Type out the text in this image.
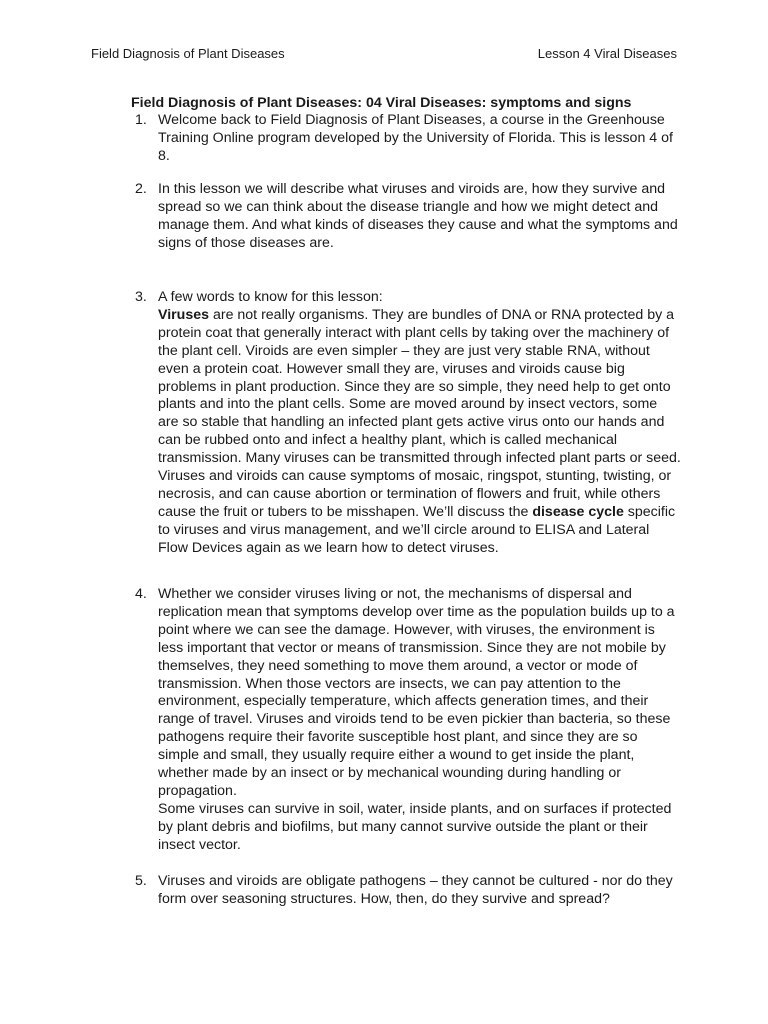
Field Diagnosis of Plant Diseases	Lesson 4 Viral Diseases
Field Diagnosis of Plant Diseases: 04 Viral Diseases: symptoms and signs
1. Welcome back to Field Diagnosis of Plant Diseases, a course in the Greenhouse Training Online program developed by the University of Florida. This is lesson 4 of 8.
2. In this lesson we will describe what viruses and viroids are, how they survive and spread so we can think about the disease triangle and how we might detect and manage them. And what kinds of diseases they cause and what the symptoms and signs of those diseases are.
3. A few words to know for this lesson:
Viruses are not really organisms. They are bundles of DNA or RNA protected by a protein coat that generally interact with plant cells by taking over the machinery of the plant cell. Viroids are even simpler – they are just very stable RNA, without even a protein coat. However small they are, viruses and viroids cause big problems in plant production. Since they are so simple, they need help to get onto plants and into the plant cells. Some are moved around by insect vectors, some are so stable that handling an infected plant gets active virus onto our hands and can be rubbed onto and infect a healthy plant, which is called mechanical transmission. Many viruses can be transmitted through infected plant parts or seed. Viruses and viroids can cause symptoms of mosaic, ringspot, stunting, twisting, or necrosis, and can cause abortion or termination of flowers and fruit, while others cause the fruit or tubers to be misshapen. We’ll discuss the disease cycle specific to viruses and virus management, and we’ll circle around to ELISA and Lateral Flow Devices again as we learn how to detect viruses.
4. Whether we consider viruses living or not, the mechanisms of dispersal and replication mean that symptoms develop over time as the population builds up to a point where we can see the damage. However, with viruses, the environment is less important that vector or means of transmission. Since they are not mobile by themselves, they need something to move them around, a vector or mode of transmission. When those vectors are insects, we can pay attention to the environment, especially temperature, which affects generation times, and their range of travel. Viruses and viroids tend to be even pickier than bacteria, so these pathogens require their favorite susceptible host plant, and since they are so simple and small, they usually require either a wound to get inside the plant, whether made by an insect or by mechanical wounding during handling or propagation.
Some viruses can survive in soil, water, inside plants, and on surfaces if protected by plant debris and biofilms, but many cannot survive outside the plant or their insect vector.
5. Viruses and viroids are obligate pathogens – they cannot be cultured - nor do they form over seasoning structures. How, then, do they survive and spread?
